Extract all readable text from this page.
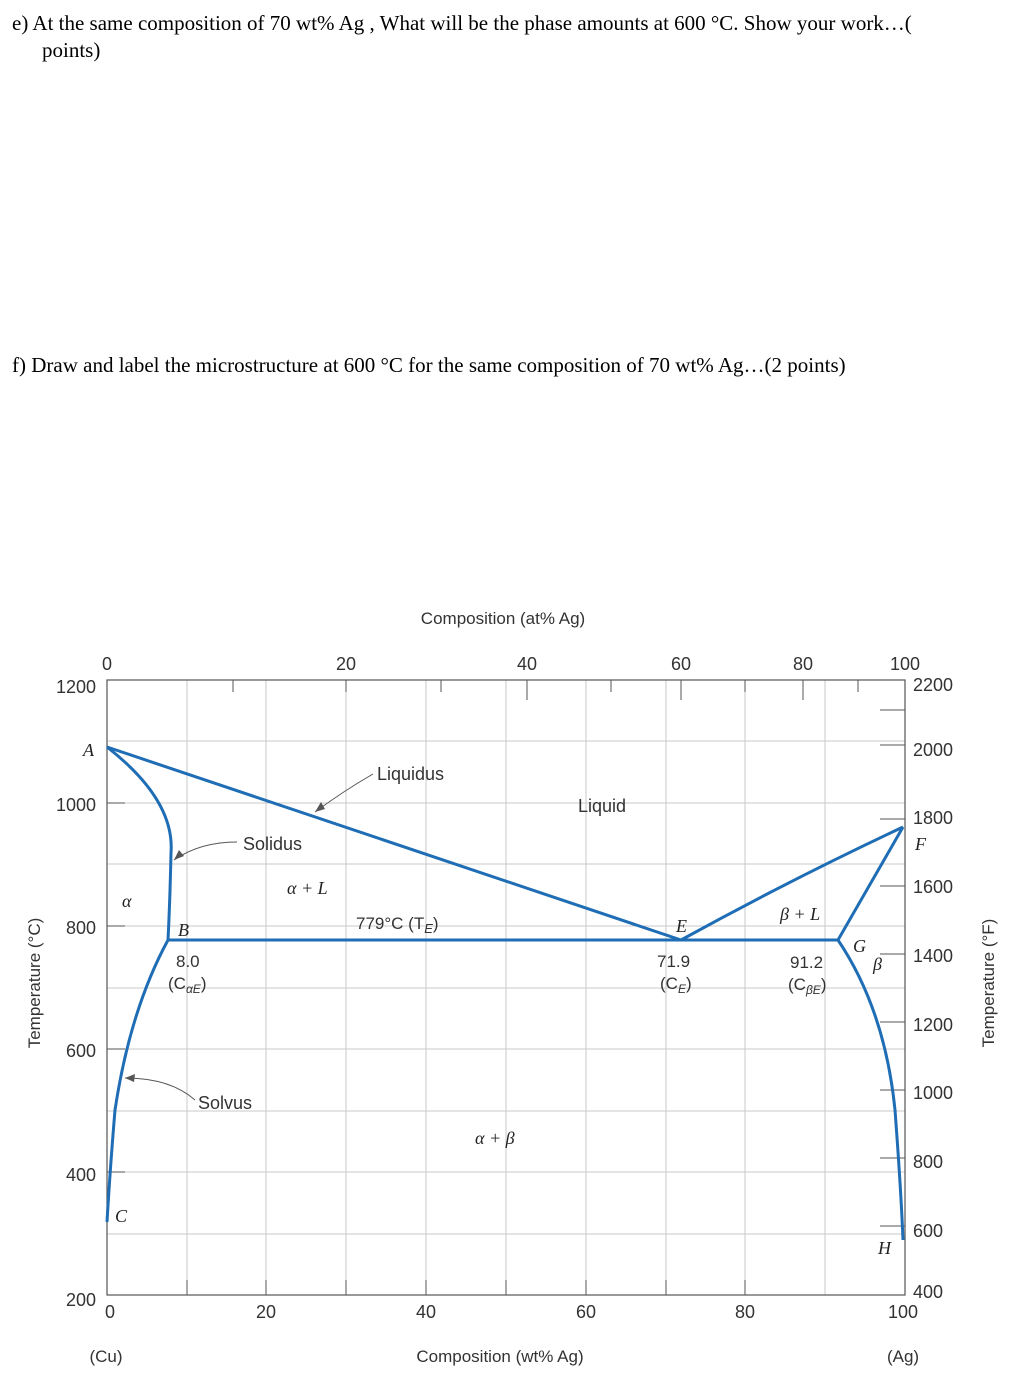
e) At the same composition of 70 wt% Ag , What will be the phase amounts at 600 °C. Show your work…(
points)
f) Draw and label the microstructure at 600 °C for the same composition of 70 wt% Ag…(2 points)
Composition (at% Ag)
Composition (wt% Ag)
Temperature (°C)	Temperature (°F)
(Cu)	(Ag)
1200
1000
800
600
400
200
2200
2000
1800
1600
1400
1200
1000
800
600
400
0	20	40	60	80	100
0	20	40	60	80	100
A
B
C
E
F
G
H
α
β
α + L
β + L
α + β
Liquidus
Liquid
Solidus
Solvus
779°C $(T_E)$
8.0
$(C_{\alpha E})$
71.9
$(C_E)$
91.2
$(C_{\beta E})$
